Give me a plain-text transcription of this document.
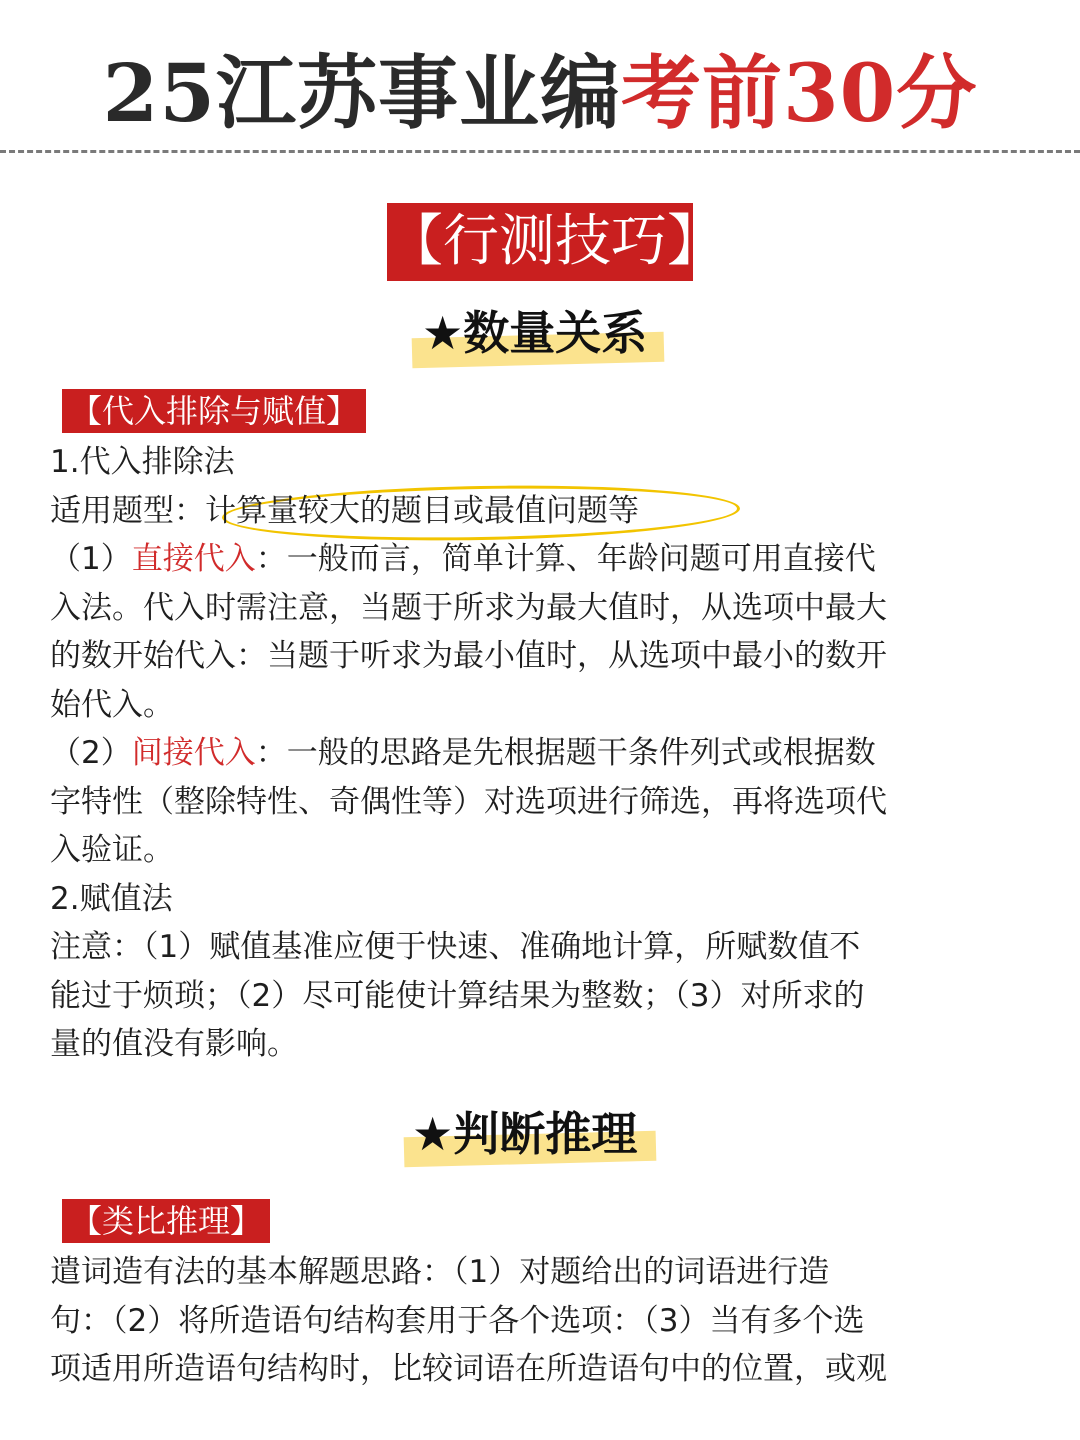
25江苏事业编考前30分
【行测技巧】
★数量关系
【代入排除与赋值】
1.代入排除法
适用题型：计算量较大的题目或最值问题等
（1）直接代入：一般而言，简单计算、年龄问题可用直接代
入法。代入时需注意，当题于所求为最大值时，从选项中最大
的数开始代入：当题于听求为最小值时，从选项中最小的数开
始代入。
（2）间接代入：一般的思路是先根据题干条件列式或根据数
字特性（整除特性、奇偶性等）对选项进行筛选，再将选项代
入验证。
2.赋值法
注意：（1）赋值基准应便于快速、准确地计算，所赋数值不
能过于烦琐；（2）尽可能使计算结果为整数；（3）对所求的
量的值没有影响。
★判断推理
【类比推理】
遣词造有法的基本解题思路：（1）对题给出的词语进行造
句：（2）将所造语句结构套用于各个选项：（3）当有多个选
项适用所造语句结构时，比较词语在所造语句中的位置，或观
